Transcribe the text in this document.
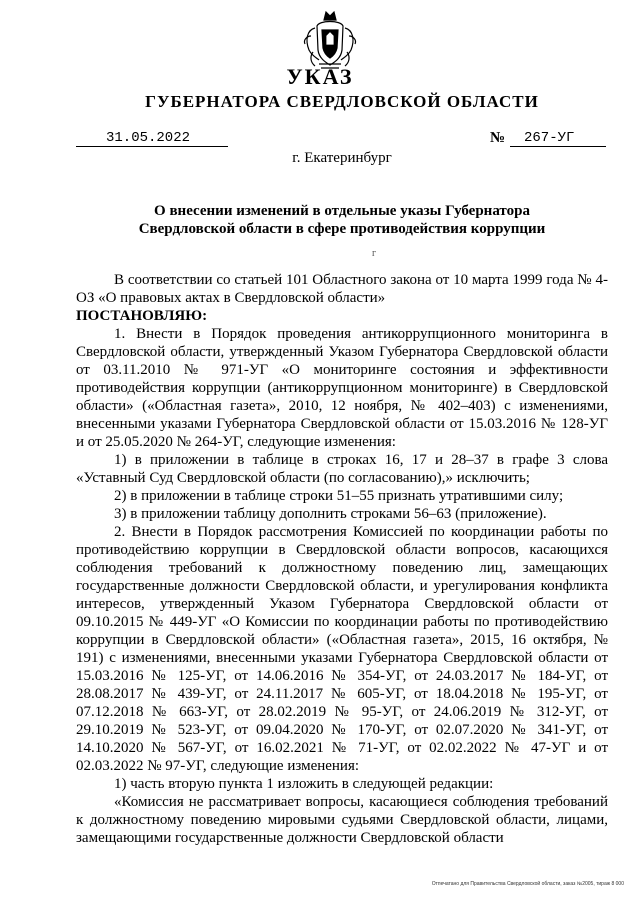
УКАЗ
ГУБЕРНАТОРА СВЕРДЛОВСКОЙ ОБЛАСТИ
31.05.2022	№	267-УГ
г. Екатеринбург
О внесении изменений в отдельные указы Губернатора
Свердловской области в сфере противодействия коррупции
г

В соответствии со статьей 101 Областного закона от 10 марта 1999 года № 4-ОЗ «О правовых актах в Свердловской области»

ПОСТАНОВЛЯЮ:

1. Внести в Порядок проведения антикоррупционного мониторинга в Свердловской области, утвержденный Указом Губернатора Свердловской области от 03.11.2010 № 971-УГ «О мониторинге состояния и эффективности противодействия коррупции (антикоррупционном мониторинге) в Свердловской области» («Областная газета», 2010, 12 ноября, № 402–403) с изменениями, внесенными указами Губернатора Свердловской области от 15.03.2016 № 128-УГ и от 25.05.2020 № 264-УГ, следующие изменения:

1) в приложении в таблице в строках 16, 17 и 28–37 в графе 3 слова «Уставный Суд Свердловской области (по согласованию),» исключить;

2) в приложении в таблице строки 51–55 признать утратившими силу;

3) в приложении таблицу дополнить строками 56–63 (приложение).

2. Внести в Порядок рассмотрения Комиссией по координации работы по противодействию коррупции в Свердловской области вопросов, касающихся соблюдения требований к должностному поведению лиц, замещающих государственные должности Свердловской области, и урегулирования конфликта интересов, утвержденный Указом Губернатора Свердловской области от 09.10.2015 № 449-УГ «О Комиссии по координации работы по противодействию коррупции в Свердловской области» («Областная газета», 2015, 16 октября, № 191) с изменениями, внесенными указами Губернатора Свердловской области от 15.03.2016 № 125-УГ, от 14.06.2016 № 354-УГ, от 24.03.2017 № 184-УГ, от 28.08.2017 № 439-УГ, от 24.11.2017 № 605-УГ, от 18.04.2018 № 195-УГ, от 07.12.2018 № 663-УГ, от 28.02.2019 № 95-УГ, от 24.06.2019 № 312-УГ, от 29.10.2019 № 523-УГ, от 09.04.2020 № 170-УГ, от 02.07.2020 № 341-УГ, от 14.10.2020 № 567-УГ, от 16.02.2021 № 71-УГ, от 02.02.2022 № 47-УГ и от 02.03.2022 № 97-УГ, следующие изменения:

1) часть вторую пункта 1 изложить в следующей редакции:

«Комиссия не рассматривает вопросы, касающиеся соблюдения требований к должностному поведению мировыми судьями Свердловской области, лицами, замещающими государственные должности Свердловской области

Отпечатано для Правительства Свердловской области, заказ №2005, тираж 8 000
